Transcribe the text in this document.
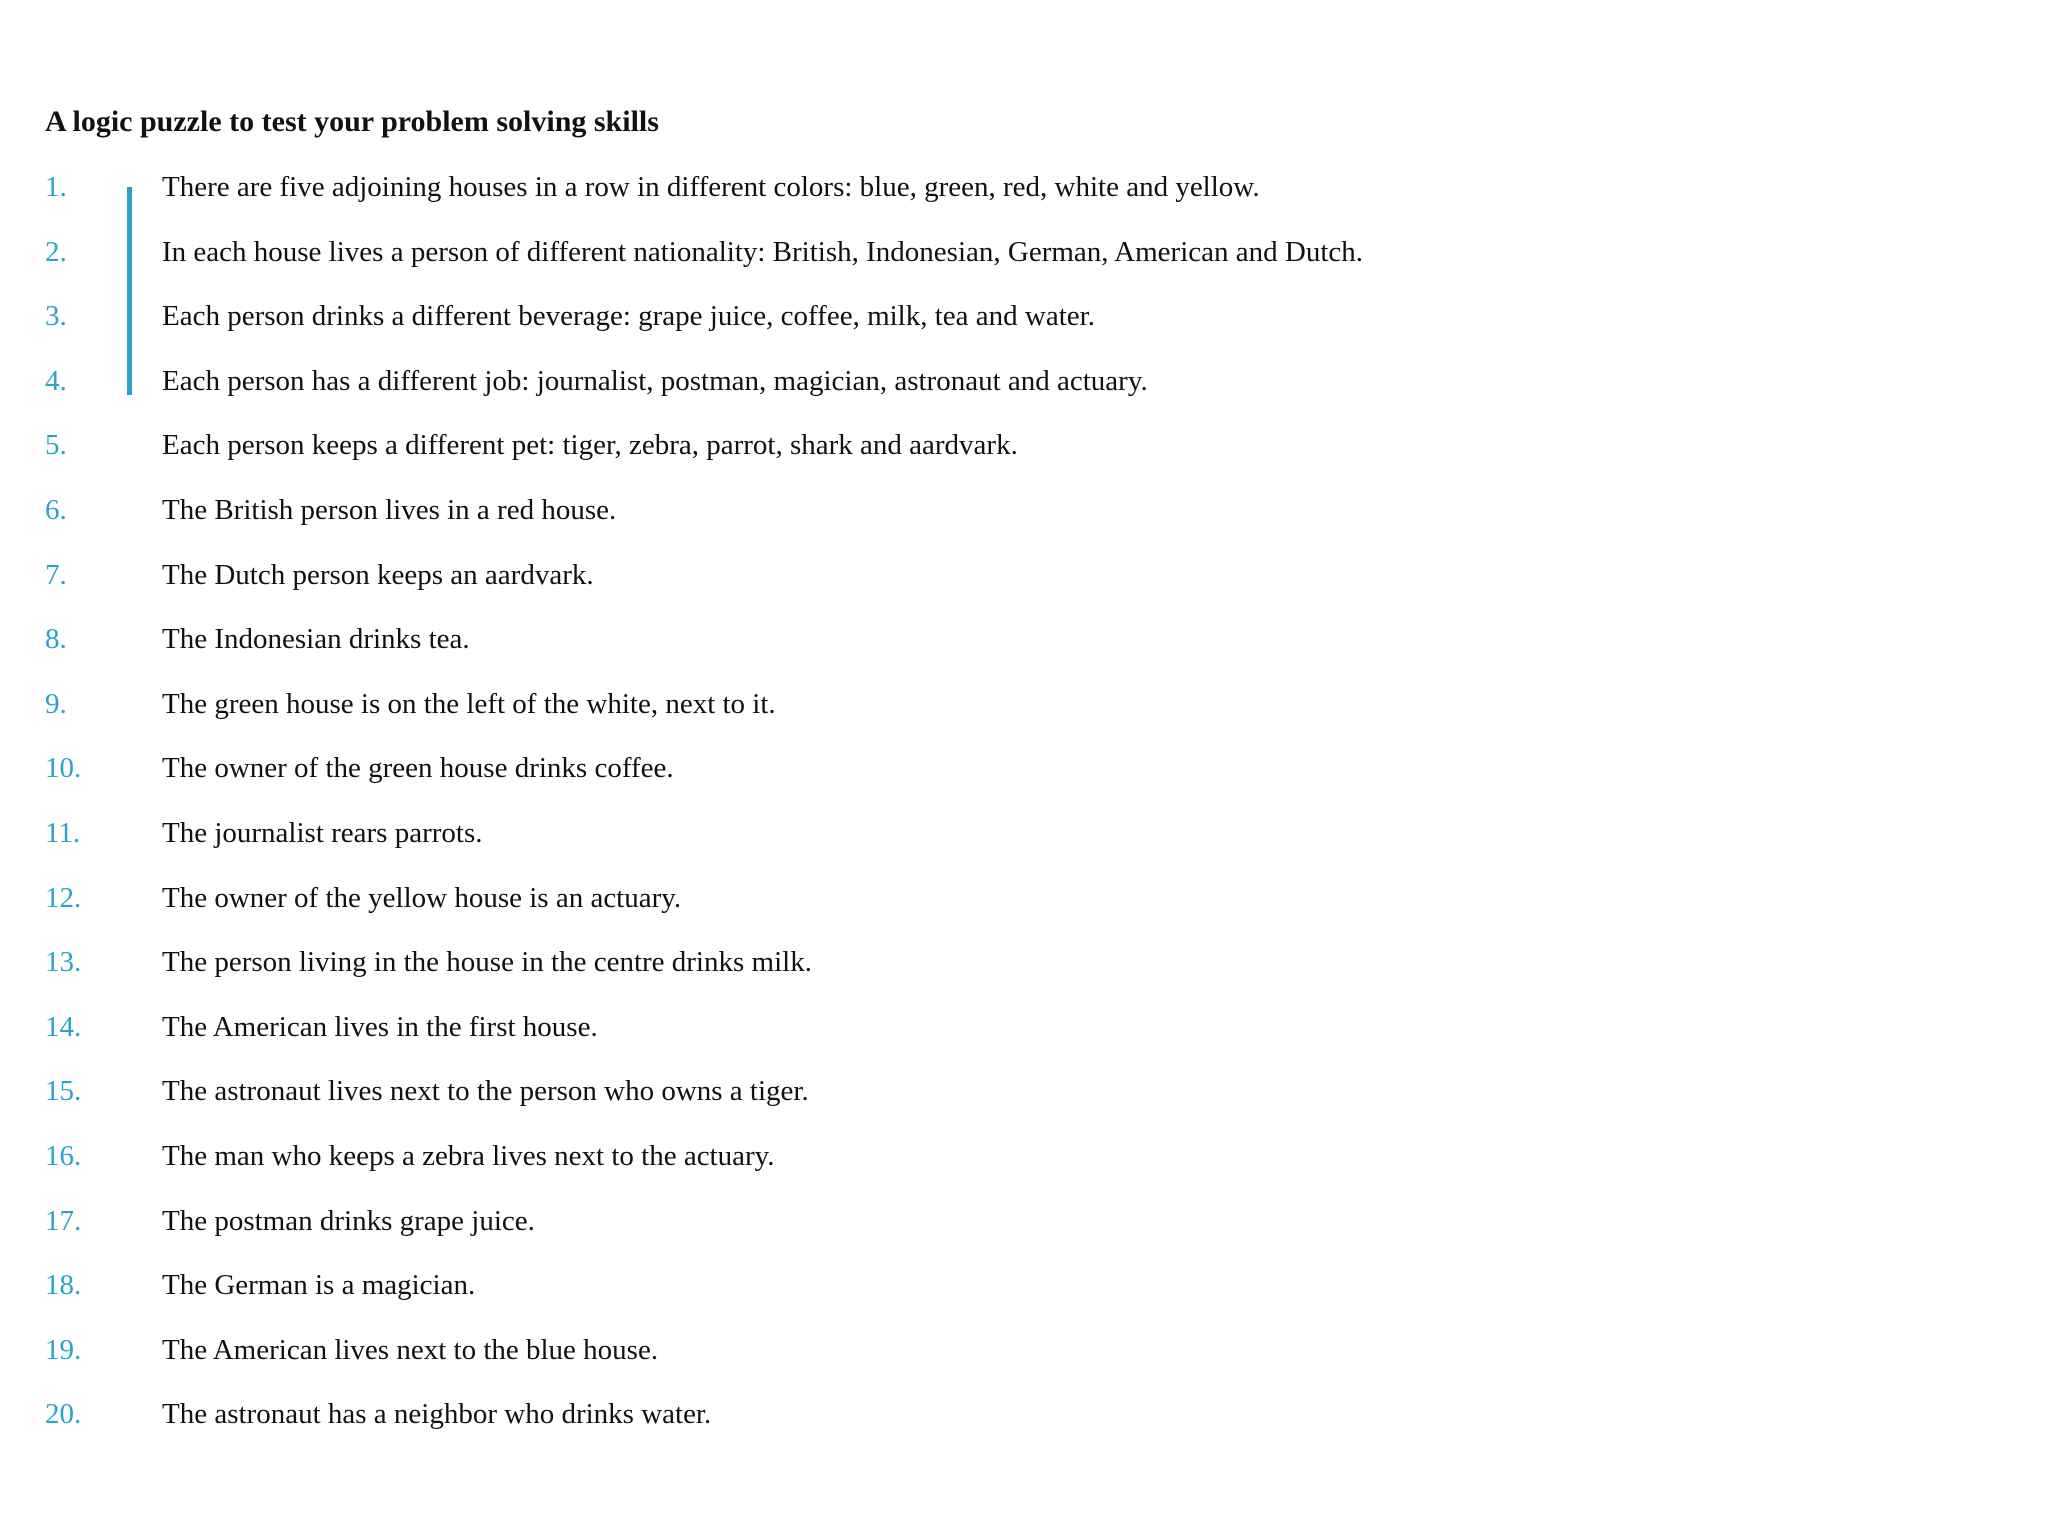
A logic puzzle to test your problem solving skills
1.	There are five adjoining houses in a row in different colors: blue, green, red, white and yellow.
2.	In each house lives a person of different nationality: British, Indonesian, German, American and Dutch.
3.	Each person drinks a different beverage: grape juice, coffee, milk, tea and water.
4.	Each person has a different job: journalist, postman, magician, astronaut and actuary.
5.	Each person keeps a different pet: tiger, zebra, parrot, shark and aardvark.
6.	The British person lives in a red house.
7.	The Dutch person keeps an aardvark.
8.	The Indonesian drinks tea.
9.	The green house is on the left of the white, next to it.
10.	The owner of the green house drinks coffee.
11.	The journalist rears parrots.
12.	The owner of the yellow house is an actuary.
13.	The person living in the house in the centre drinks milk.
14.	The American lives in the first house.
15.	The astronaut lives next to the person who owns a tiger.
16.	The man who keeps a zebra lives next to the actuary.
17.	The postman drinks grape juice.
18.	The German is a magician.
19.	The American lives next to the blue house.
20.	The astronaut has a neighbor who drinks water.
